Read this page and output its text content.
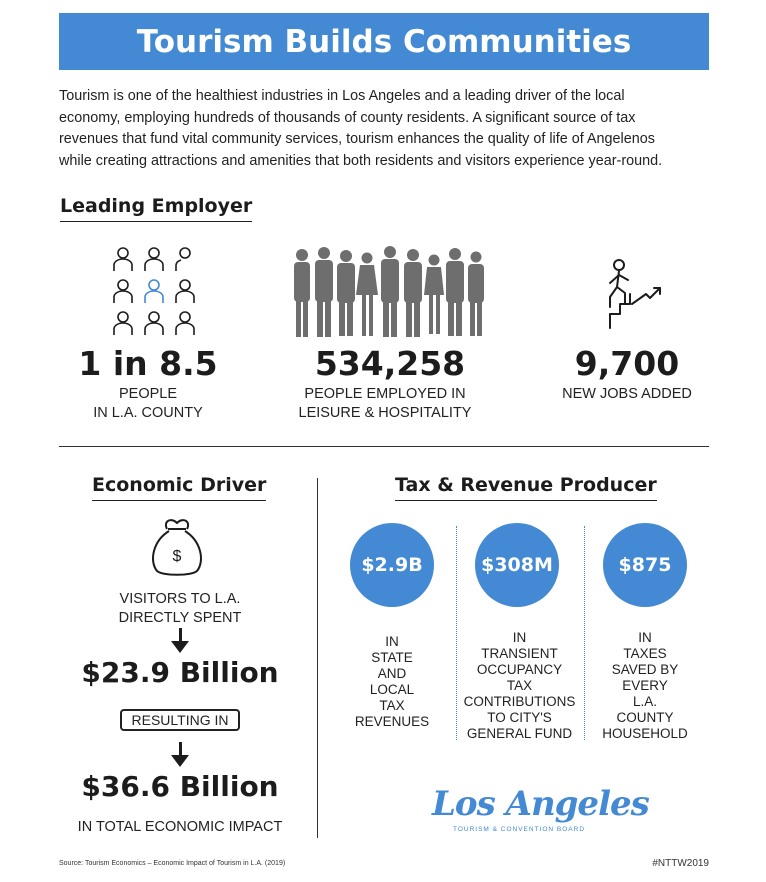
Tourism Builds Communities
Tourism is one of the healthiest industries in Los Angeles and a leading driver of the local
economy, employing hundreds of thousands of county residents. A significant source of tax
revenues that fund vital community services, tourism enhances the quality of life of Angelenos
while creating attractions and amenities that both residents and visitors experience year-round.
Leading Employer
1 in 8.5
PEOPLE
IN L.A. COUNTY
534,258
PEOPLE EMPLOYED IN
LEISURE & HOSPITALITY
9,700
NEW JOBS ADDED
Economic Driver
$
VISITORS TO L.A.
DIRECTLY SPENT
$23.9 Billion
RESULTING IN
$36.6 Billion
IN TOTAL ECONOMIC IMPACT
Tax & Revenue Producer
$2.9B
IN
STATE
AND
LOCAL
TAX
REVENUES
$308M
IN
TRANSIENT
OCCUPANCY
TAX
CONTRIBUTIONS
TO CITY'S
GENERAL FUND
$875
IN
TAXES
SAVED BY
EVERY
L.A.
COUNTY
HOUSEHOLD
Los Angeles
TOURISM & CONVENTION BOARD
Source: Tourism Economics – Economic Impact of Tourism in L.A. (2019)	#NTTW2019
